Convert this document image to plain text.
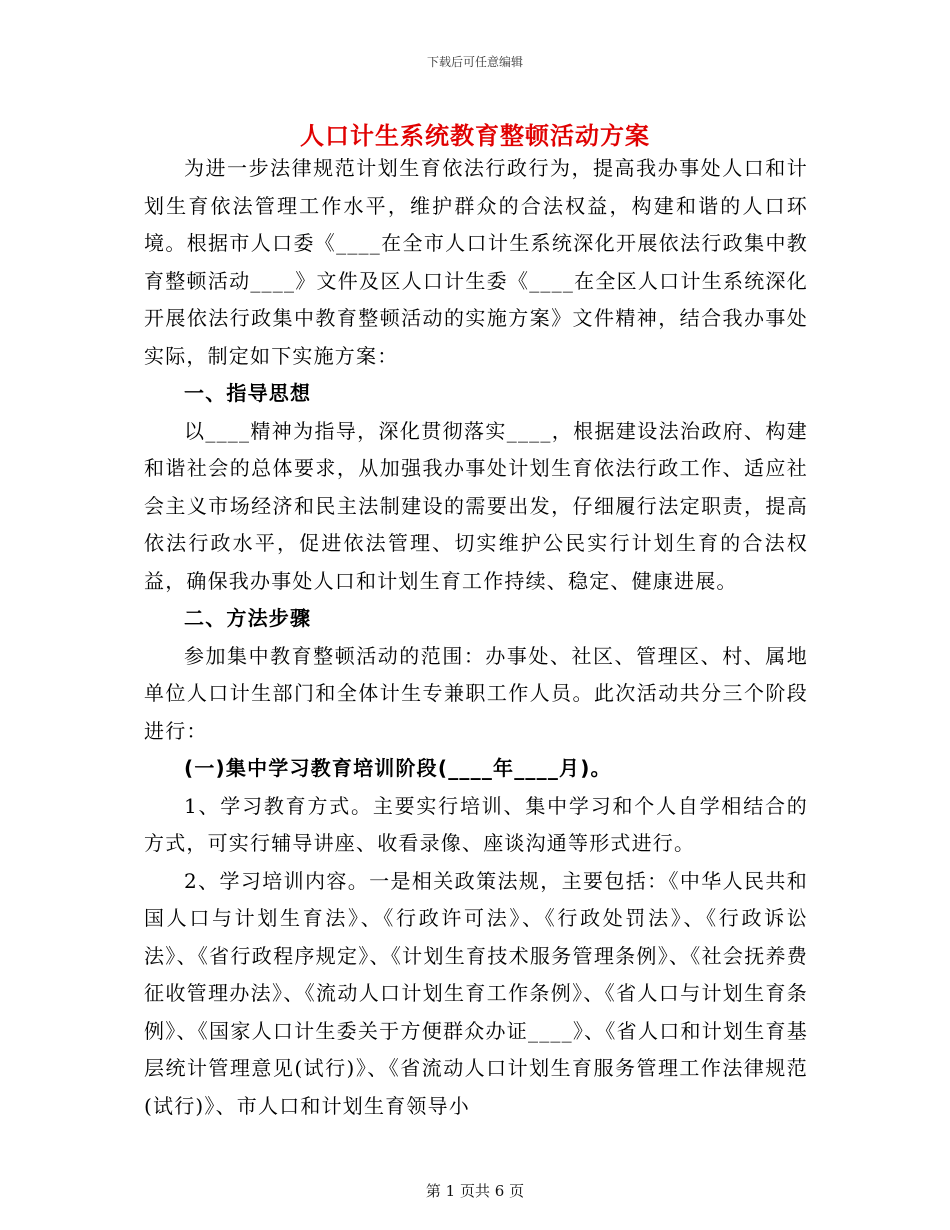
下载后可任意编辑
人口计生系统教育整顿活动方案

为进一步法律规范计划生育依法行政行为，提高我办事处人口和计划生育依法管理工作水平，维护群众的合法权益，构建和谐的人口环境。根据市人口委《____在全市人口计生系统深化开展依法行政集中教育整顿活动____》文件及区人口计生委《____在全区人口计生系统深化开展依法行政集中教育整顿活动的实施方案》文件精神，结合我办事处实际，制定如下实施方案：

一、指导思想

以____精神为指导，深化贯彻落实____，根据建设法治政府、构建和谐社会的总体要求，从加强我办事处计划生育依法行政工作、适应社会主义市场经济和民主法制建设的需要出发，仔细履行法定职责，提高依法行政水平，促进依法管理、切实维护公民实行计划生育的合法权益，确保我办事处人口和计划生育工作持续、稳定、健康进展。

二、方法步骤

参加集中教育整顿活动的范围：办事处、社区、管理区、村、属地单位人口计生部门和全体计生专兼职工作人员。此次活动共分三个阶段进行：

(一)集中学习教育培训阶段(____年____月)。

1、学习教育方式。主要实行培训、集中学习和个人自学相结合的方式，可实行辅导讲座、收看录像、座谈沟通等形式进行。

2、学习培训内容。一是相关政策法规，主要包括：《中华人民共和国人口与计划生育法》、《行政许可法》、《行政处罚法》、《行政诉讼法》、《省行政程序规定》、《计划生育技术服务管理条例》、《社会抚养费征收管理办法》、《流动人口计划生育工作条例》、《省人口与计划生育条例》、《国家人口计生委关于方便群众办证____》、《省人口和计划生育基层统计管理意见(试行)》、《省流动人口计划生育服务管理工作法律规范(试行)》、市人口和计划生育领导小

第 1 页共 6 页
